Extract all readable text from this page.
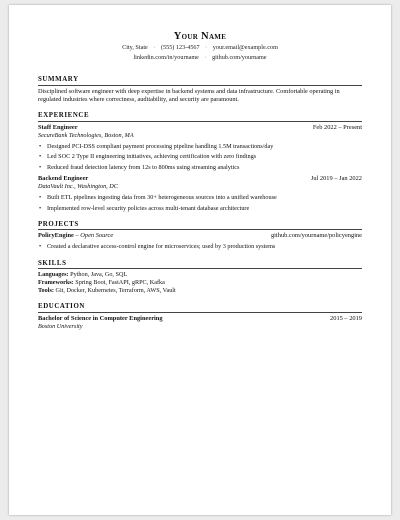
Your Name
City, State · (555) 123-4567 · your.email@example.com
linkedin.com/in/yourname · github.com/yourname
SUMMARY
Disciplined software engineer with deep expertise in backend systems and data infrastructure. Comfortable operating in regulated industries where correctness, auditability, and security are paramount.
EXPERIENCE
Staff Engineer	Feb 2022 – Present
SecureBank Technologies, Boston, MA
• Designed PCI-DSS compliant payment processing pipeline handling 1.5M transactions/day
• Led SOC 2 Type II engineering initiatives, achieving certification with zero findings
• Reduced fraud detection latency from 12s to 800ms using streaming analytics
Backend Engineer	Jul 2019 – Jan 2022
DataVault Inc., Washington, DC
• Built ETL pipelines ingesting data from 30+ heterogeneous sources into a unified warehouse
• Implemented row-level security policies across multi-tenant database architecture
PROJECTS
PolicyEngine – Open Source	github.com/yourname/policyengine
• Created a declarative access-control engine for microservices; used by 3 production systems
SKILLS
Languages: Python, Java, Go, SQL
Frameworks: Spring Boot, FastAPI, gRPC, Kafka
Tools: Git, Docker, Kubernetes, Terraform, AWS, Vault
EDUCATION
Bachelor of Science in Computer Engineering	2015 – 2019
Boston University
